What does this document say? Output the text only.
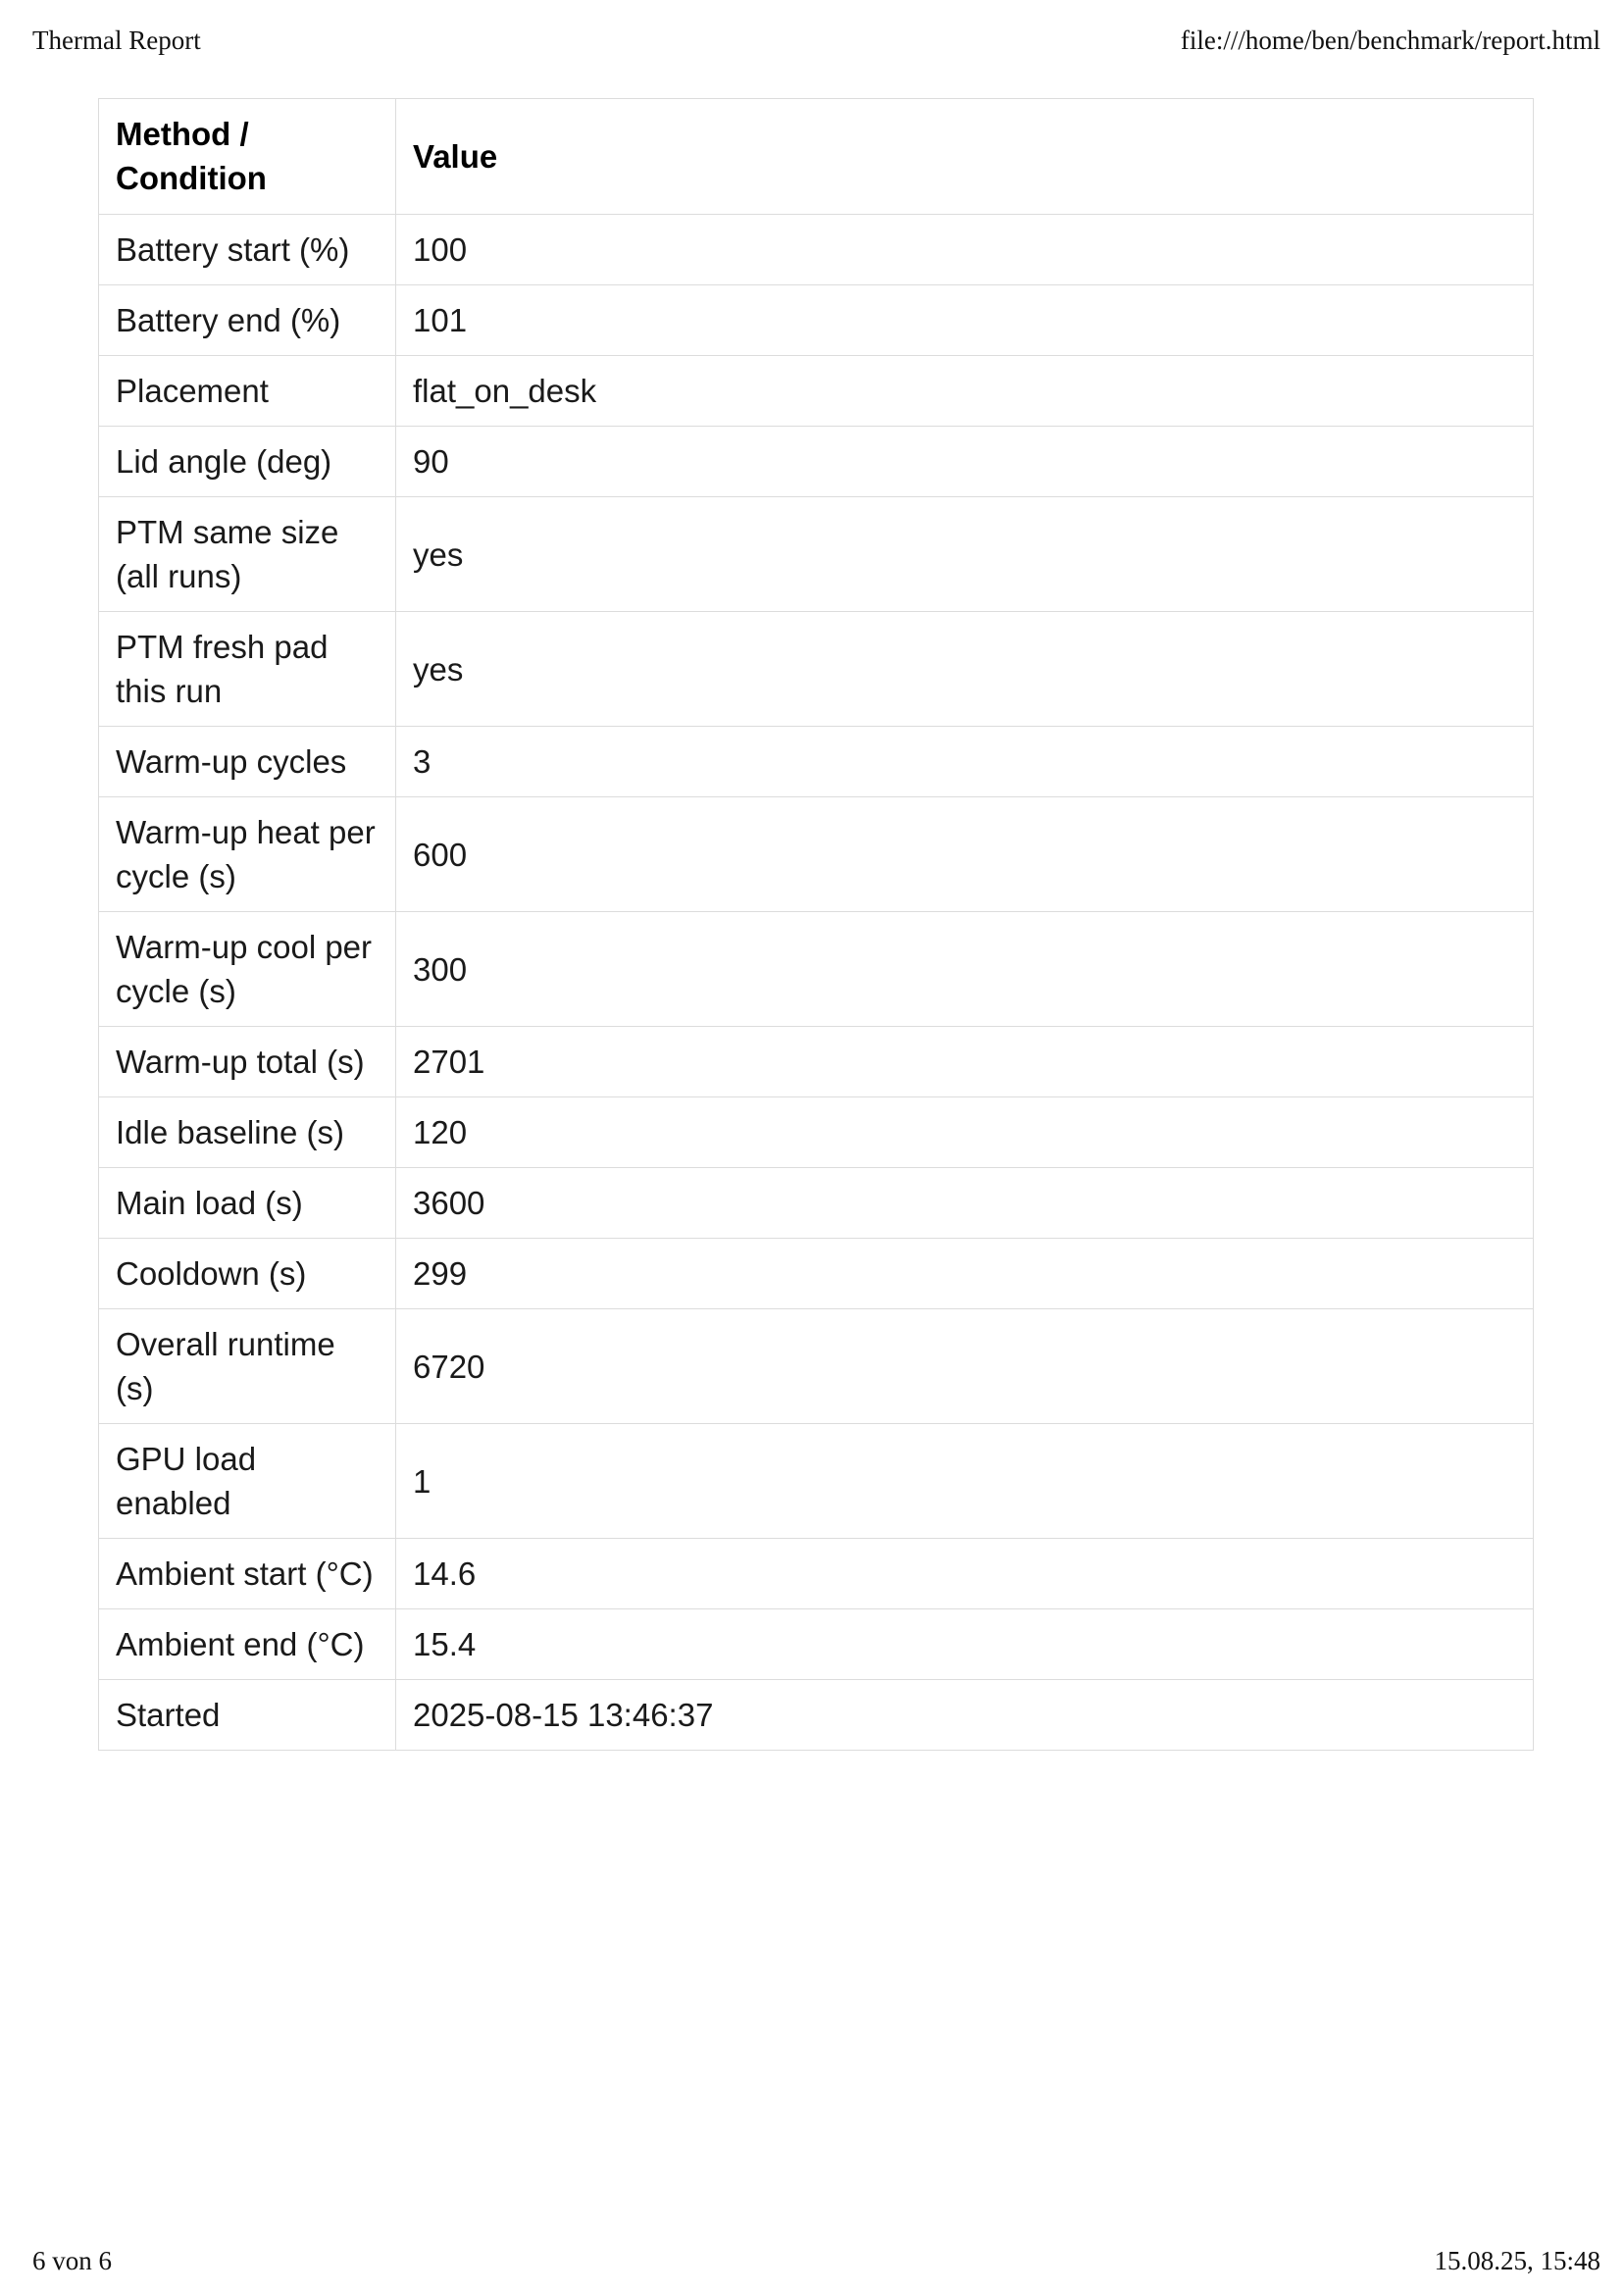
Thermal Report	file:///home/ben/benchmark/report.html
Method / Condition	Value
Battery start (%)	100
Battery end (%)	101
Placement	flat_on_desk
Lid angle (deg)	90
PTM same size (all runs)	yes
PTM fresh pad this run	yes
Warm-up cycles	3
Warm-up heat per cycle (s)	600
Warm-up cool per cycle (s)	300
Warm-up total (s)	2701
Idle baseline (s)	120
Main load (s)	3600
Cooldown (s)	299
Overall runtime (s)	6720
GPU load enabled	1
Ambient start (°C)	14.6
Ambient end (°C)	15.4
Started	2025-08-15 13:46:37
6 von 6	15.08.25, 15:48
